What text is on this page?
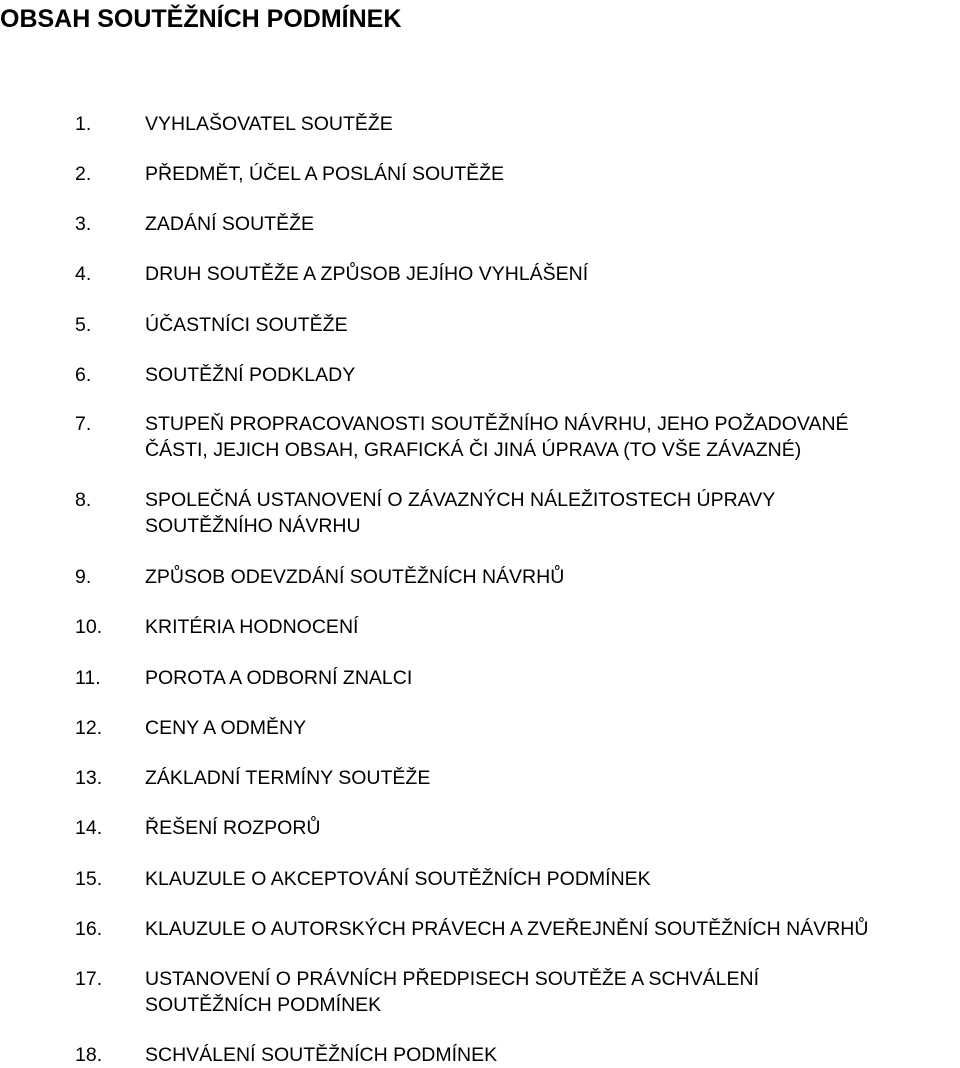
OBSAH SOUTĚŽNÍCH PODMÍNEK
1.	VYHLAŠOVATEL SOUTĚŽE
2.	PŘEDMĚT, ÚČEL A POSLÁNÍ SOUTĚŽE
3.	ZADÁNÍ SOUTĚŽE
4.	DRUH SOUTĚŽE A ZPŮSOB JEJÍHO VYHLÁŠENÍ
5.	ÚČASTNÍCI SOUTĚŽE
6.	SOUTĚŽNÍ PODKLADY
7.	STUPEŇ PROPRACOVANOSTI SOUTĚŽNÍHO NÁVRHU, JEHO POŽADOVANÉ
ČÁSTI, JEJICH OBSAH, GRAFICKÁ ČI JINÁ ÚPRAVA (TO VŠE ZÁVAZNÉ)
8.	SPOLEČNÁ USTANOVENÍ O ZÁVAZNÝCH NÁLEŽITOSTECH ÚPRAVY
SOUTĚŽNÍHO NÁVRHU
9.	ZPŮSOB ODEVZDÁNÍ SOUTĚŽNÍCH NÁVRHŮ
10. KRITÉRIA HODNOCENÍ
11. POROTA A ODBORNÍ ZNALCI
12. CENY A ODMĚNY
13. ZÁKLADNÍ TERMÍNY SOUTĚŽE
14. ŘEŠENÍ ROZPORŮ
15. KLAUZULE O AKCEPTOVÁNÍ SOUTĚŽNÍCH PODMÍNEK
16. KLAUZULE O AUTORSKÝCH PRÁVECH A ZVEŘEJNĚNÍ SOUTĚŽNÍCH NÁVRHŮ
17. USTANOVENÍ O PRÁVNÍCH PŘEDPISECH SOUTĚŽE A SCHVÁLENÍ
SOUTĚŽNÍCH PODMÍNEK
18. SCHVÁLENÍ SOUTĚŽNÍCH PODMÍNEK
